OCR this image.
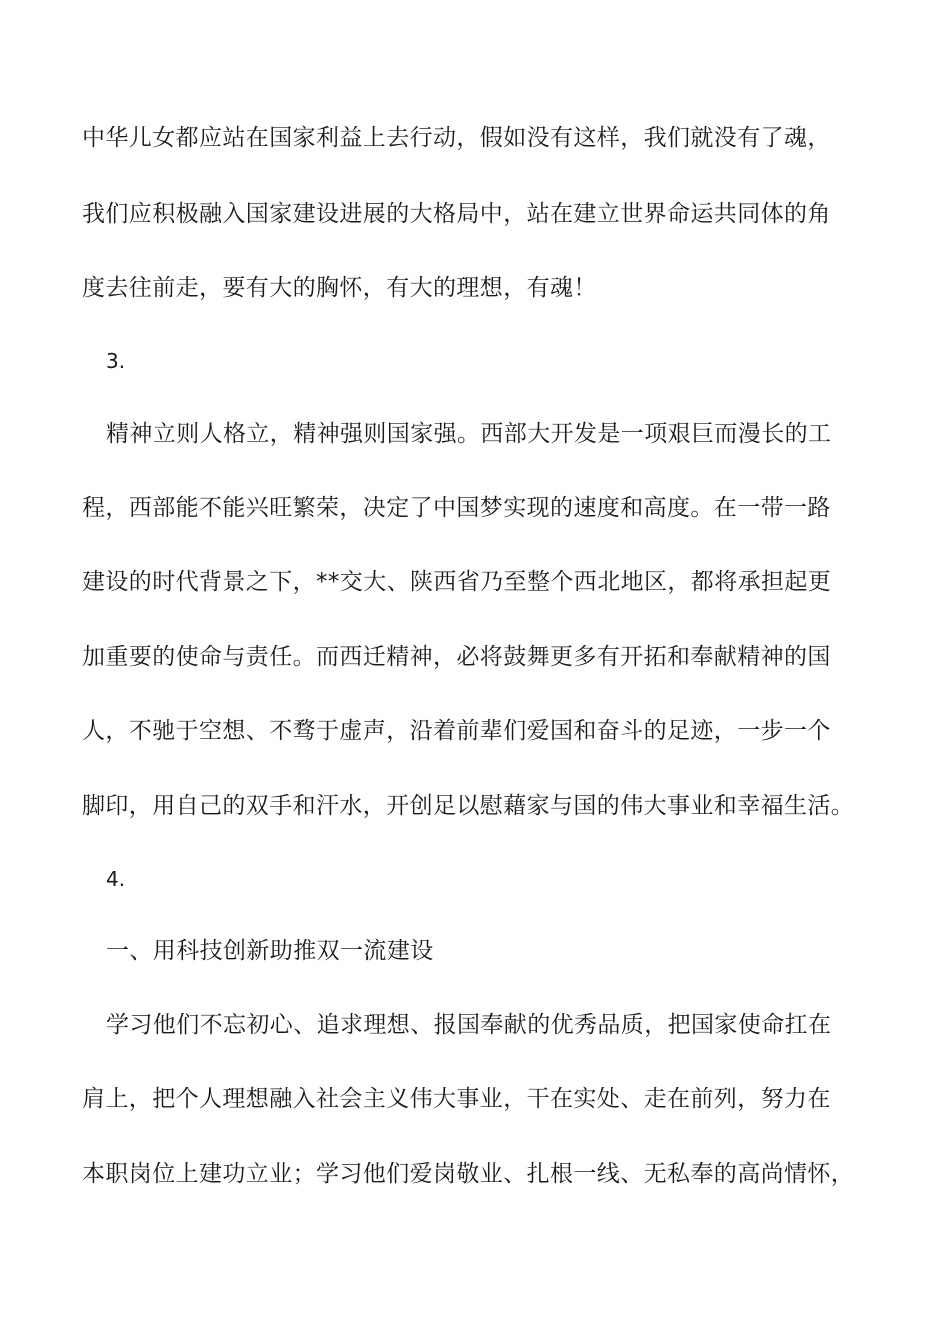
中华儿女都应站在国家利益上去行动，假如没有这样，我们就没有了魂，
我们应积极融入国家建设进展的大格局中，站在建立世界命运共同体的角
度去往前走，要有大的胸怀，有大的理想，有魂！
3.
精神立则人格立，精神强则国家强。西部大开发是一项艰巨而漫长的工
程，西部能不能兴旺繁荣，决定了中国梦实现的速度和高度。在一带一路
建设的时代背景之下，**交大、陕西省乃至整个西北地区，都将承担起更
加重要的使命与责任。而西迁精神，必将鼓舞更多有开拓和奉献精神的国
人，不驰于空想、不骛于虚声，沿着前辈们爱国和奋斗的足迹，一步一个
脚印，用自己的双手和汗水，开创足以慰藉家与国的伟大事业和幸福生活。
4.
一、用科技创新助推双一流建设
学习他们不忘初心、追求理想、报国奉献的优秀品质，把国家使命扛在
肩上，把个人理想融入社会主义伟大事业，干在实处、走在前列，努力在
本职岗位上建功立业；学习他们爱岗敬业、扎根一线、无私奉的高尚情怀，
